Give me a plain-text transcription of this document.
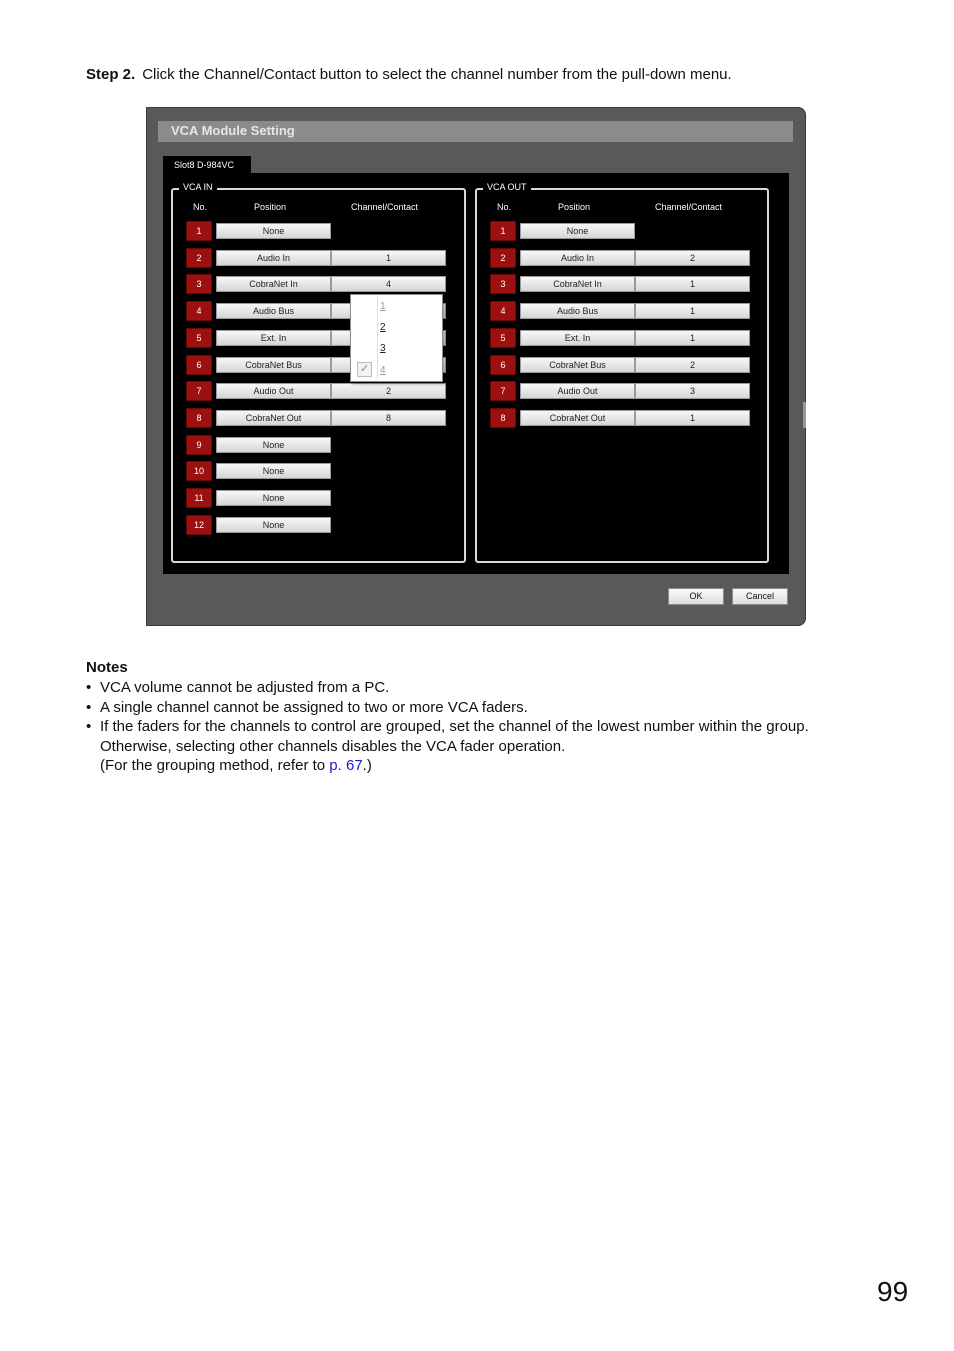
Step 2. Click the Channel/Contact button to select the channel number from the pull-down menu.
VCA Module Setting
Slot8 D-984VC
VCA IN
No.	Position	Channel/Contact
1	None
2	Audio In	1
3	CobraNet In	4
4	Audio Bus
5	Ext. In
6	CobraNet Bus
7	Audio Out	2
8	CobraNet Out	8
9	None
10	None
11	None
12	None
VCA OUT
No.	Position	Channel/Contact
1	None
2	Audio In	2
3	CobraNet In	1
4	Audio Bus	1
5	Ext. In	1
6	CobraNet Bus	2
7	Audio Out	3
8	CobraNet Out	1
OK	Cancel
1
2
3
✓ 4
Notes
• VCA volume cannot be adjusted from a PC.
• A single channel cannot be assigned to two or more VCA faders.
• If the faders for the channels to control are grouped, set the channel of the lowest number within the group.
Otherwise, selecting other channels disables the VCA fader operation.
(For the grouping method, refer to p. 67.)
99
